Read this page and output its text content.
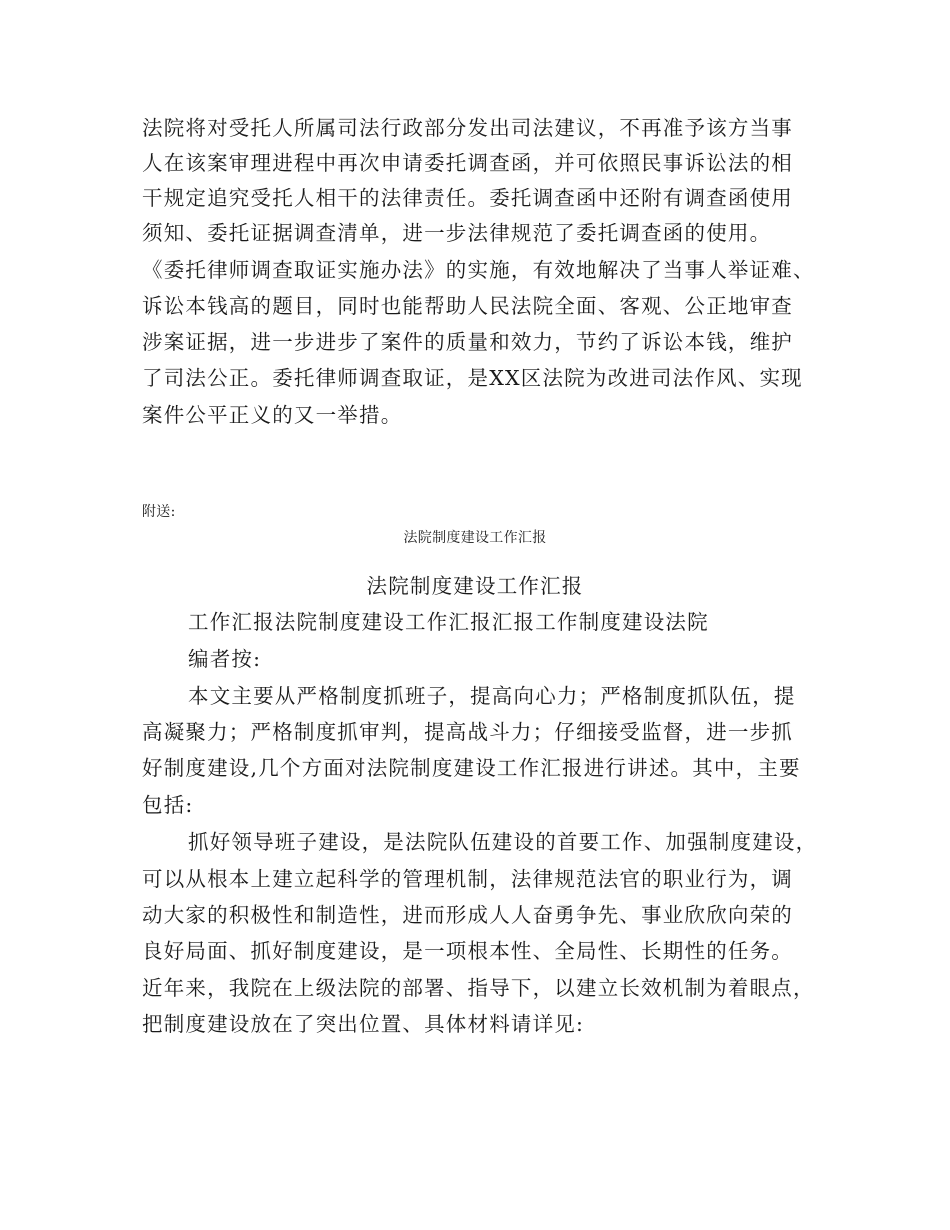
法院将对受托人所属司法行政部分发出司法建议，不再准予该方当事
人在该案审理进程中再次申请委托调查函，并可依照民事诉讼法的相
干规定追究受托人相干的法律责任。委托调查函中还附有调查函使用
须知、委托证据调查清单，进一步法律规范了委托调查函的使用。
《委托律师调查取证实施办法》的实施，有效地解决了当事人举证难、
诉讼本钱高的题目，同时也能帮助人民法院全面、客观、公正地审查
涉案证据，进一步进步了案件的质量和效力，节约了诉讼本钱，维护
了司法公正。委托律师调查取证，是XX区法院为改进司法作风、实现
案件公平正义的又一举措。
附送:
法院制度建设工作汇报
法院制度建设工作汇报
工作汇报法院制度建设工作汇报汇报工作制度建设法院
编者按:
本文主要从严格制度抓班子，提高向心力；严格制度抓队伍，提
高凝聚力；严格制度抓审判，提高战斗力；仔细接受监督，进一步抓
好制度建设,几个方面对法院制度建设工作汇报进行讲述。其中，主要
包括:
抓好领导班子建设，是法院队伍建设的首要工作、加强制度建设，
可以从根本上建立起科学的管理机制，法律规范法官的职业行为，调
动大家的积极性和制造性，进而形成人人奋勇争先、事业欣欣向荣的
良好局面、抓好制度建设，是一项根本性、全局性、长期性的任务。
近年来，我院在上级法院的部署、指导下，以建立长效机制为着眼点，
把制度建设放在了突出位置、具体材料请详见:
